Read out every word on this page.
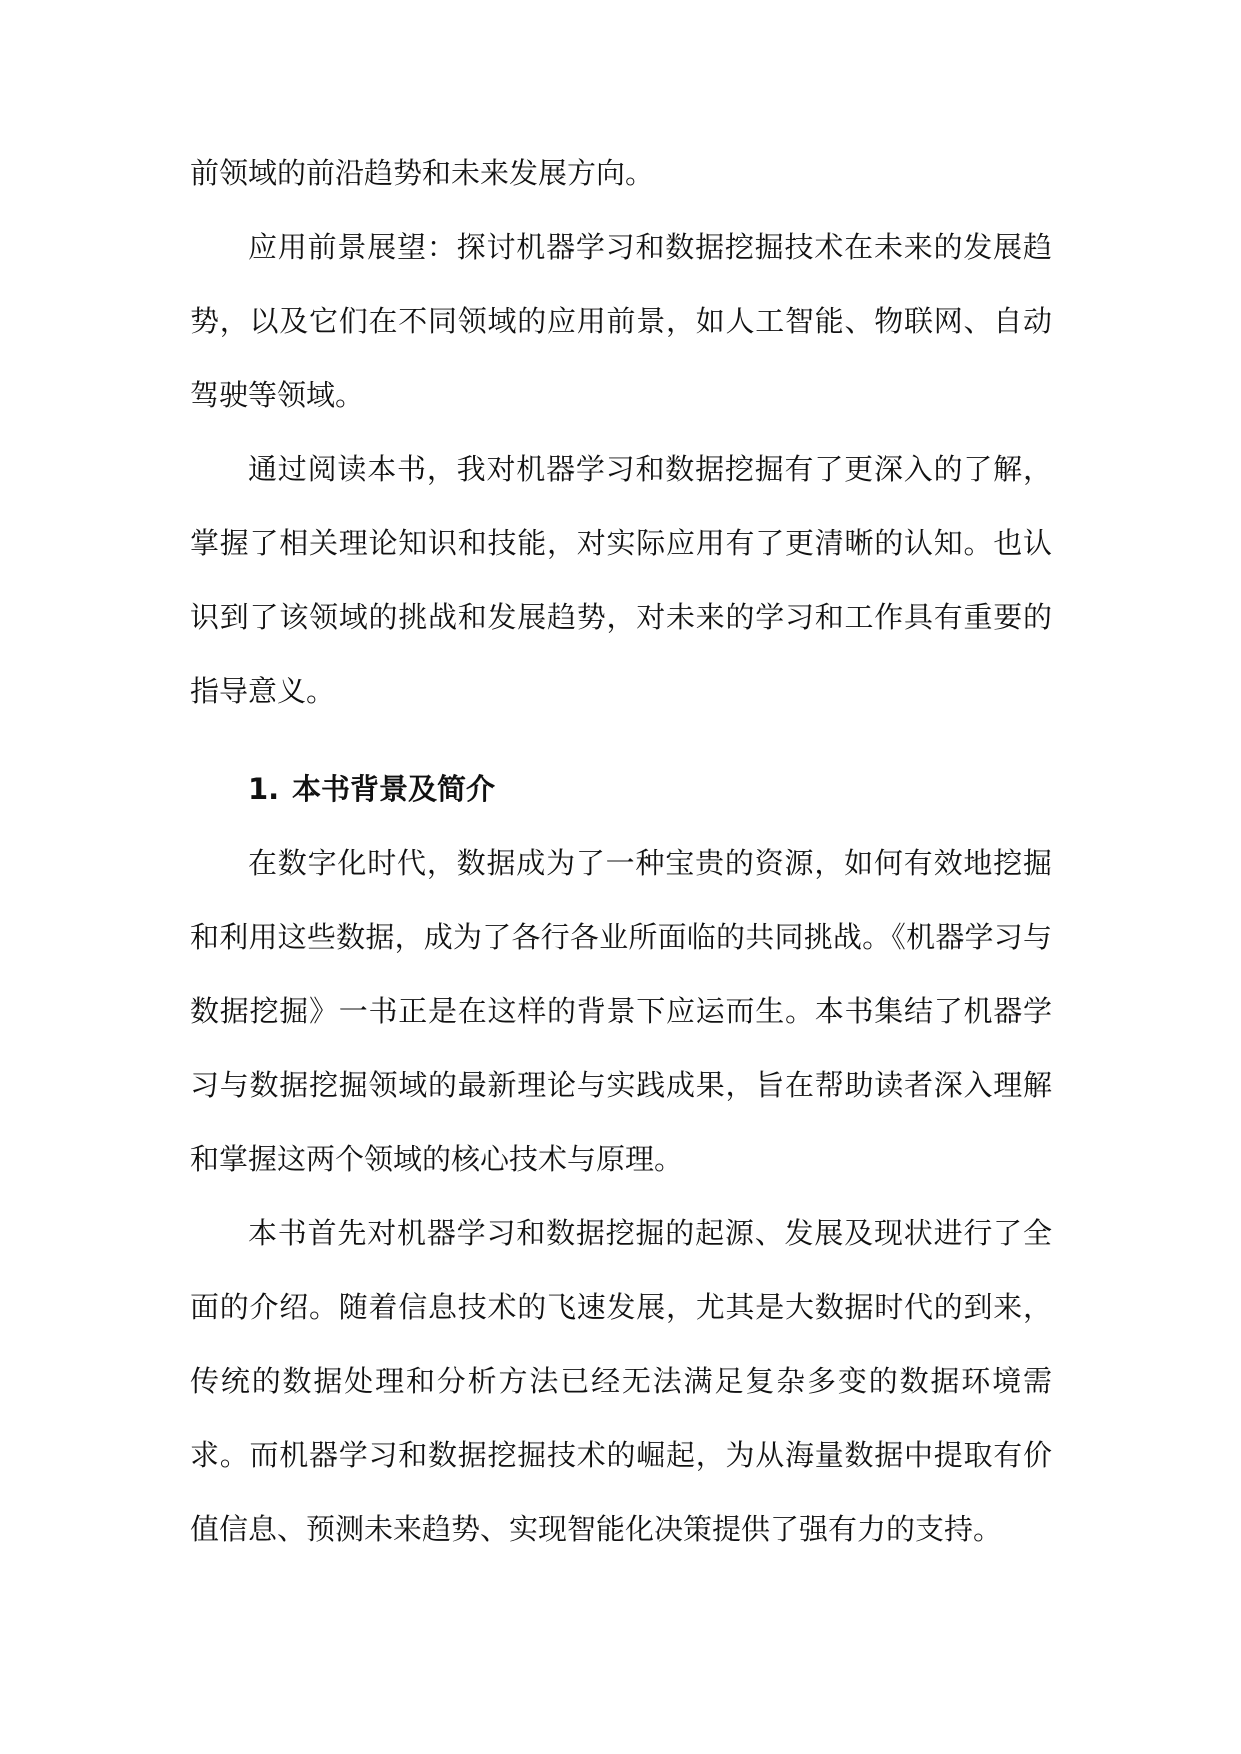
前领域的前沿趋势和未来发展方向。

应用前景展望：探讨机器学习和数据挖掘技术在未来的发展趋势，以及它们在不同领域的应用前景，如人工智能、物联网、自动驾驶等领域。

通过阅读本书，我对机器学习和数据挖掘有了更深入的了解，掌握了相关理论知识和技能，对实际应用有了更清晰的认知。也认识到了该领域的挑战和发展趋势，对未来的学习和工作具有重要的指导意义。

1. 本书背景及简介

在数字化时代，数据成为了一种宝贵的资源，如何有效地挖掘和利用这些数据，成为了各行各业所面临的共同挑战。《机器学习与数据挖掘》一书正是在这样的背景下应运而生。本书集结了机器学习与数据挖掘领域的最新理论与实践成果，旨在帮助读者深入理解和掌握这两个领域的核心技术与原理。

本书首先对机器学习和数据挖掘的起源、发展及现状进行了全面的介绍。随着信息技术的飞速发展，尤其是大数据时代的到来，传统的数据处理和分析方法已经无法满足复杂多变的数据环境需求。而机器学习和数据挖掘技术的崛起，为从海量数据中提取有价值信息、预测未来趋势、实现智能化决策提供了强有力的支持。
